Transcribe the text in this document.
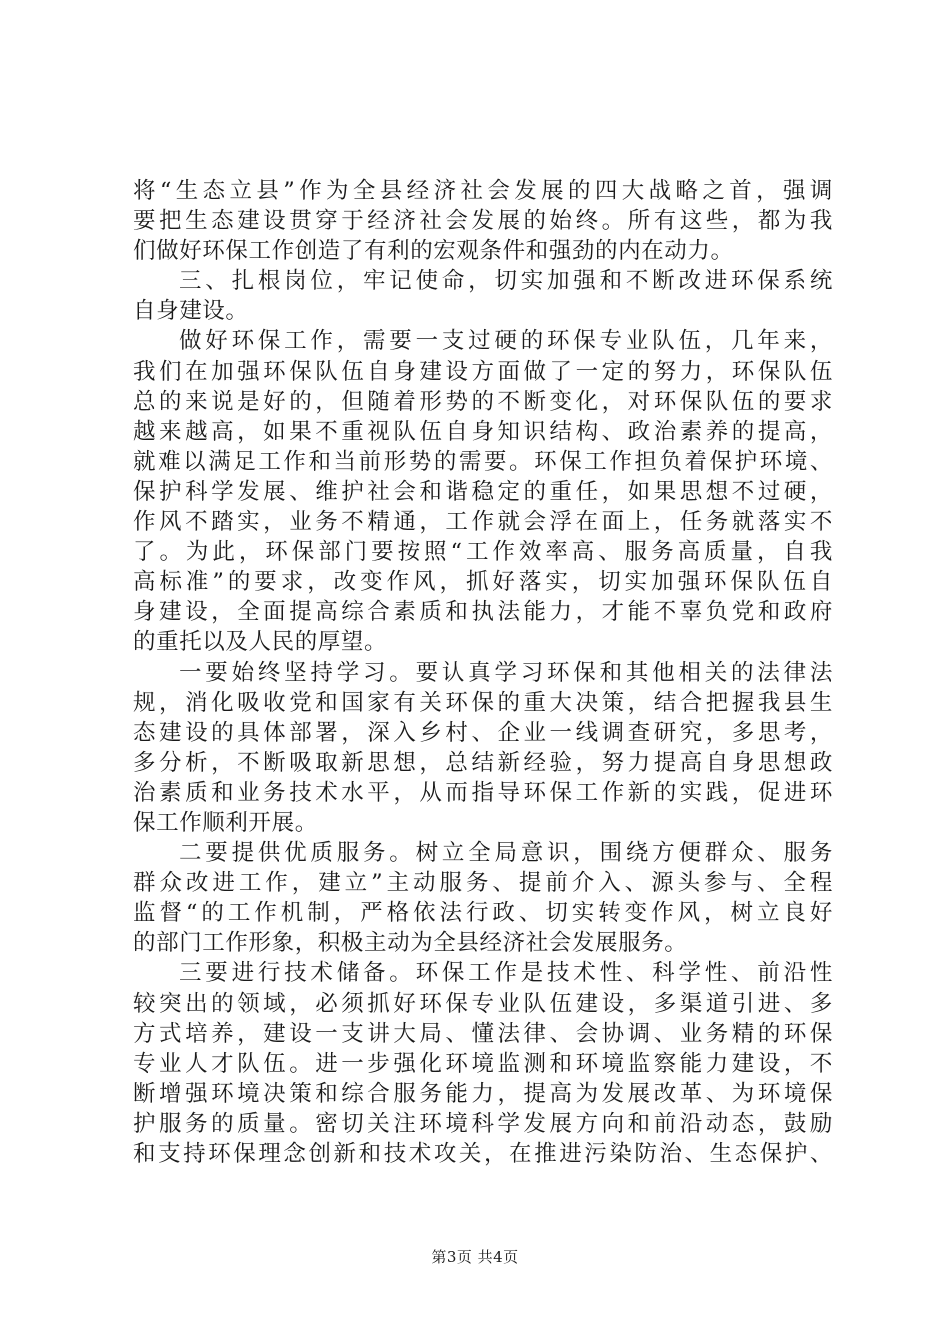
将“生态立县”作为全县经济社会发展的四大战略之首，强调
要把生态建设贯穿于经济社会发展的始终。所有这些，都为我
们做好环保工作创造了有利的宏观条件和强劲的内在动力。
三、扎根岗位，牢记使命，切实加强和不断改进环保系统
自身建设。
做好环保工作，需要一支过硬的环保专业队伍，几年来，
我们在加强环保队伍自身建设方面做了一定的努力，环保队伍
总的来说是好的，但随着形势的不断变化，对环保队伍的要求
越来越高，如果不重视队伍自身知识结构、政治素养的提高，
就难以满足工作和当前形势的需要。环保工作担负着保护环境、
保护科学发展、维护社会和谐稳定的重任，如果思想不过硬，
作风不踏实，业务不精通，工作就会浮在面上，任务就落实不
了。为此，环保部门要按照“工作效率高、服务高质量，自我
高标准”的要求，改变作风，抓好落实，切实加强环保队伍自
身建设，全面提高综合素质和执法能力，才能不辜负党和政府
的重托以及人民的厚望。
一要始终坚持学习。要认真学习环保和其他相关的法律法
规，消化吸收党和国家有关环保的重大决策，结合把握我县生
态建设的具体部署，深入乡村、企业一线调查研究，多思考，
多分析，不断吸取新思想，总结新经验，努力提高自身思想政
治素质和业务技术水平，从而指导环保工作新的实践，促进环
保工作顺利开展。
二要提供优质服务。树立全局意识，围绕方便群众、服务
群众改进工作，建立”主动服务、提前介入、源头参与、全程
监督“的工作机制，严格依法行政、切实转变作风，树立良好
的部门工作形象，积极主动为全县经济社会发展服务。
三要进行技术储备。环保工作是技术性、科学性、前沿性
较突出的领域，必须抓好环保专业队伍建设，多渠道引进、多
方式培养，建设一支讲大局、懂法律、会协调、业务精的环保
专业人才队伍。进一步强化环境监测和环境监察能力建设，不
断增强环境决策和综合服务能力，提高为发展改革、为环境保
护服务的质量。密切关注环境科学发展方向和前沿动态，鼓励
和支持环保理念创新和技术攻关，在推进污染防治、生态保护、
第3页 共4页
